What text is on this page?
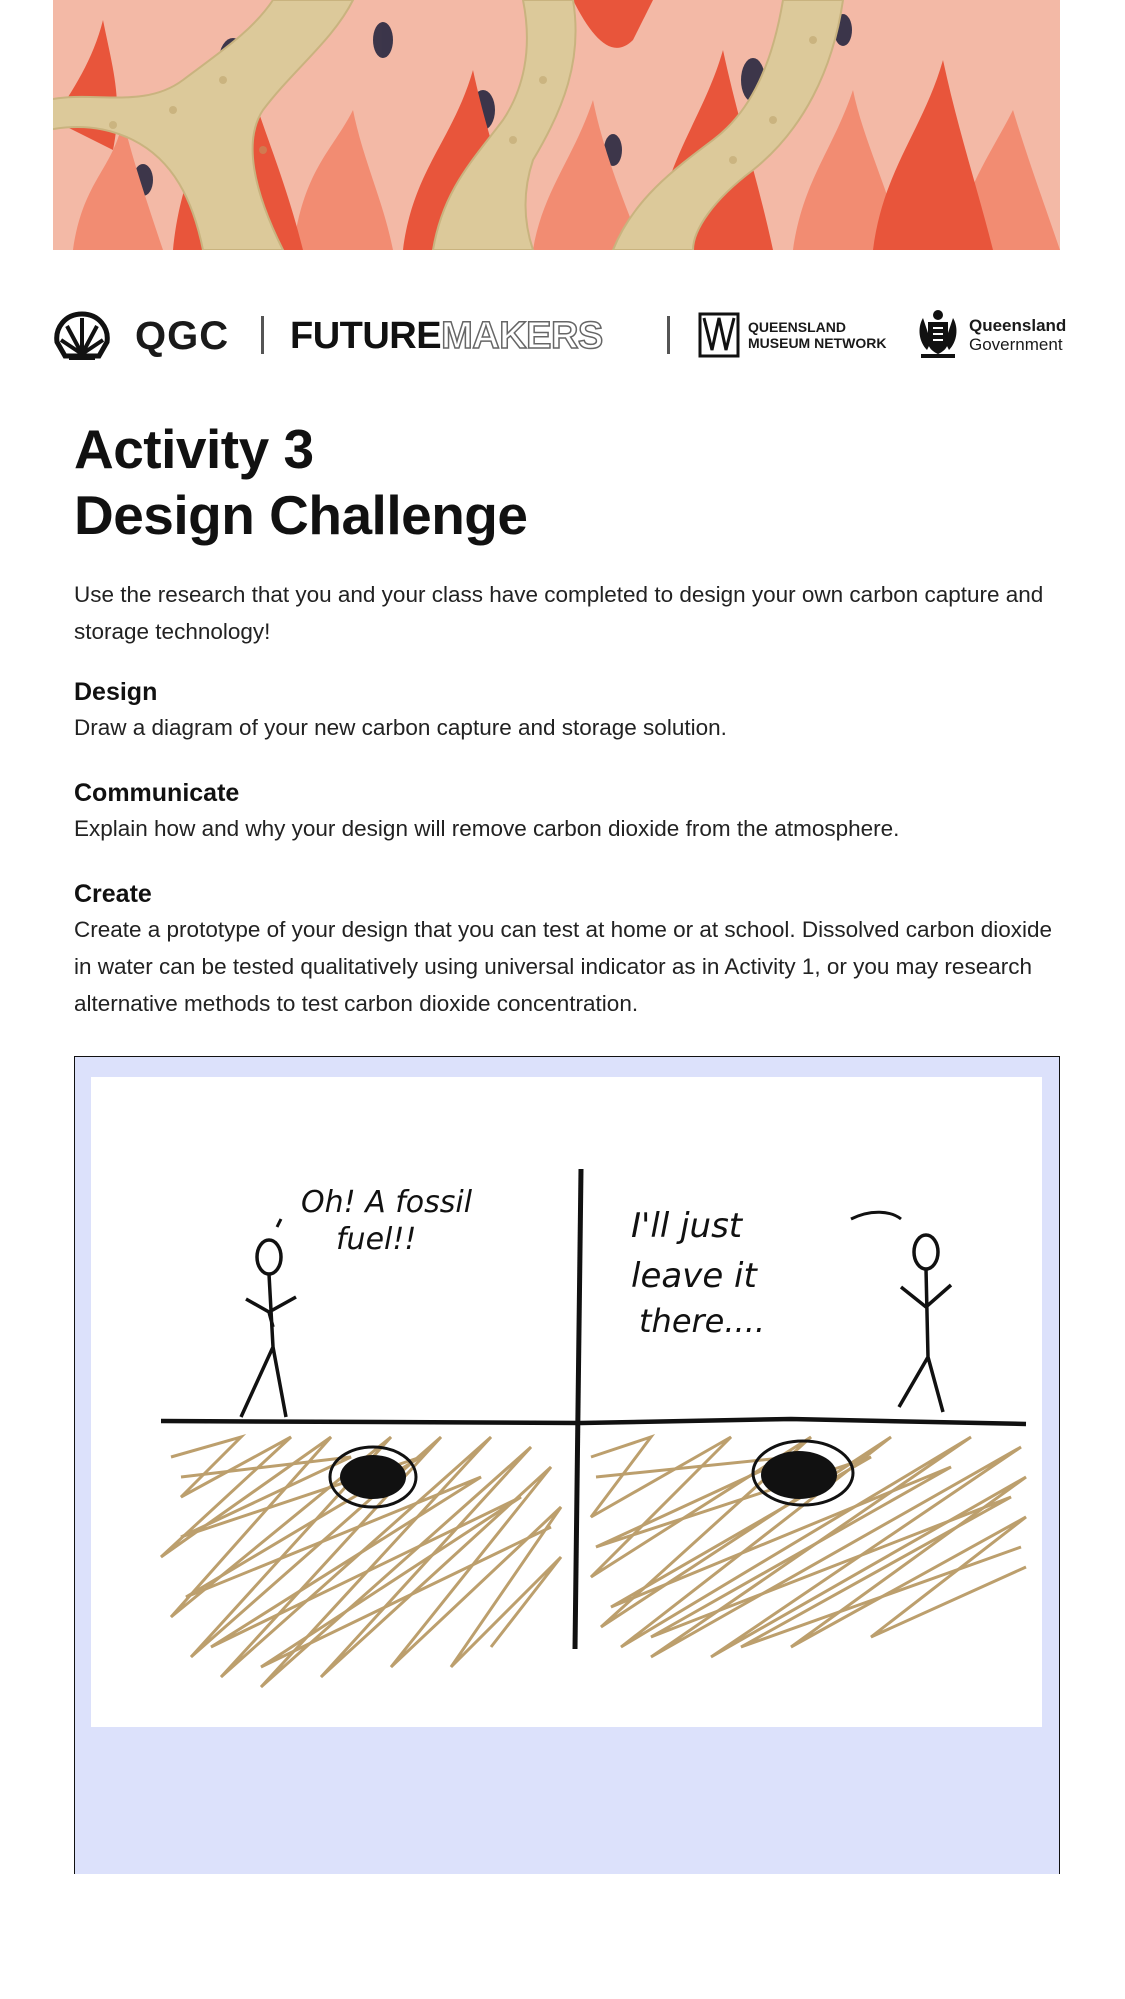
QGC FUTURE MAKERS	QUEENSLAND
MUSEUM NETWORK
Queensland
Government
Activity 3
Design Challenge

Use the research that you and your class have completed to design your own carbon capture and storage technology!

Design

Draw a diagram of your new carbon capture and storage solution.

Communicate

Explain how and why your design will remove carbon dioxide from the atmosphere.

Create

Create a prototype of your design that you can test at home or at school. Dissolved carbon dioxide in water can be tested qualitatively using universal indicator as in Activity 1, or you may research alternative methods to test carbon dioxide concentration.

Oh! A fossil
fuel!!	I'll just
leave it
there....
